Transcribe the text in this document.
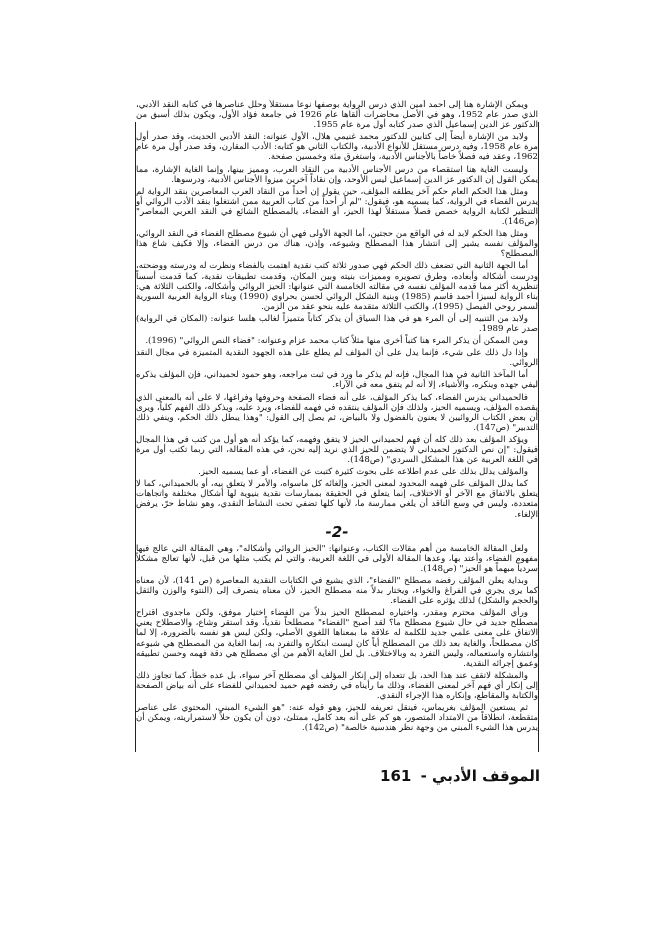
ويمكن الإشارة هنا إلى أحمد أمين الذي درس الرواية بوصفها نوعاً مستقلاً وحلل عناصرها في كتابه النقد الأدبي، الذي صدر عام 1952، وهو في الأصل محاضرات ألقاها عام 1926 في جامعة فؤاد الأول، ويكون بذلك أسبق من الدكتور عز الدين إسماعيل الذي صدر كتابه أول مرة عام 1955.

ولابد من الإشارة أيضاً إلى كتابين للدكتور محمد غنيمي هلال، الأول عنوانه: النقد الأدبي الحديث، وقد صدر أول مرة عام 1958، وفيه درس مستقل للأنواع الأدبية، والكتاب الثاني هو كتابه: الأدب المقارن، وقد صدر أول مرة عام 1962، وعقد فيه فصلاً خاصاً بالأجناس الأدبية، واستغرق مئة وخمسين صفحة.

وليست الغاية هنا استقصاء من درس الأجناس الأدبية من النقاد العرب، ومميز بينها، وإنما الغاية الإشارة، مما يمكن القول إن الدكتور عز الدين إسماعيل ليس الأوحد، وإن نقاداً آخرين ميزوا الأجناس الأدبية، ودرسوها.

ومثل هذا الحكم العام حكم آخر يطلقه المؤلف، حين يقول إن أحداً من النقاد العرب المعاصرين بنقد الرواية لم يدرس الفضاء في الرواية، كما يسميه هو، فيقول: "لم أر أحداً من كتاب العربية ممن اشتغلوا بنقد الأدب الروائي أو التنظير لكتابة الرواية خصص فصلاً مستقلاً لهذا الحيز، أو الفضاء، بالمصطلح الشائع في النقد العربي المعاصر" (ص146).

ومثل هذا الحكم لابد له في الواقع من حجتين، أما الجهة الأولى فهي أن شيوع مصطلح الفضاء في النقد الروائي، والمؤلف نفسه يشير إلى انتشار هذا المصطلح وشيوعه، وإذن، هناك من درس الفضاء، وإلا فكيف شاع هذا المصطلح؟

أما الجهة الثانية التي تضعف ذلك الحكم فهي صدور ثلاثة كتب نقدية اهتمت بالفضاء ونظرت له ودرسته ووضحته، ودرست أشكاله وأبعاده، وطرق تصويره ومميزات بنيته وبين المكان، وقدمت تطبيقات نقدية، كما قدمت أسساً تنظيرية أكثر مما قدمه المؤلف نفسه في مقالته الخامسة التي عنوانها: الحيز الروائي وأشكاله، والكتب الثلاثة هي: بناء الرواية لسيزا أحمد قاسم (1985) وبنية الشكل الروائي لحسن بحراوي (1990) وبناء الرواية العربية السورية لسمر روحي الفيصل (1995)، والكتب الثلاثة متقدمة عليه بنحو عقد من الزمن.

ولابد من التنبيه إلى أن المرء هو في هذا السياق أن يذكر كتاباً متميزاً لغالب هلسا عنوانه: (المكان في الرواية) صدر عام 1989.

ومن الممكن أن يذكر المرء هنا كتباً أخرى منها مثلاً كتاب محمد عزام وعنوانه: "فضاء النص الروائي" (1996).

وإذا دل ذلك على شيء، فإنما يدل على أن المؤلف لم يطلع على هذه الجهود النقدية المتميزة في مجال النقد الروائي.

أما المآخذ الثانية في هذا المجال، فإنه لم يذكر ما ورد في ثبت مراجعه، وهو حمود لحميداني، فإن المؤلف يذكره ليفي جهده وينكره، والأشياء، إلا أنه لم يتفق معه في الآراء.

فالحميداني يدرس الفضاء، كما يذكر المؤلف، على أنه فضاء الصفحة وحروفها وفراغها، لا على أنه بالمعنى الذي يقصده المؤلف، ويسميه الحيز، ولذلك فإن المؤلف ينتقده في فهمه للفضاء، ويرد عليه، ويذكر ذلك الفهم كلياً، ويرى أن بعض الكتاب الروائيين لا يعنون بالفضول ولا بالبياض، ثم يصل إلى القول: "وهذا يبطل ذلك الحكم، وينفي ذلك التدبير" (ص147).

ويؤكد المؤلف بعد ذلك كله أن فهم لحميداني الحيز لا يتفق وفهمه، كما يؤكد أنه هو أول من كتب في هذا المجال فيقول: "إن نص الدكتور لحميداني لا يتضمن للحيز الذي نريد إليه نحن، في هذه المقالة، التي ربما تكتب أول مرة في اللغة العربية عن هذا المشكل السردي" (ص148).

والمؤلف يدلل بذلك على عدم اطلاعه على بحوث كثيرة كتبت عن الفضاء، أو عما يسميه الحيز.

كما يدلل المؤلف على فهمه المحدود لمعنى الحيز، وإلغائه كل ماسواه، والأمر لا يتعلق بيه، أو بالحميداني، كما لا يتعلق بالاتفاق مع الآخر أو الاختلاف، إنما يتعلق في الحقيقة بممارسات نقدية بنيوية لها أشكال مختلفة واتجاهات متعددة، وليس في وسع الناقد أن يلغي ممارسة ما، لأنها كلها تضفي تحت النشاط النقدي، وهو نشاط حرّ، يرفض الإلغاء.

-2-

ولعل المقالة الخامسة من أهم مقالات الكتاب، وعنوانها: "الحيز الروائي وأشكاله"، وهي المقالة التي عالج فيها مفهوم الفضاء، وأعتد بها، وعدها المقالة الأولى في اللغة العربية، والتي لم يكتب مثلها من قبل، لأنها تعالج مشكلاً سردياً مبهماً هو الحيز" (ص148).

وبداية يعلن المؤلف رفضه مصطلح "الفضاء"، الذي يشيع في الكتابات النقدية المعاصرة (ص 141)، لأن معناه كما يرى يجري في الفراغ والخواء، ويختار بدلاً منه مصطلح الحيز، لأن معناه ينصرف إلى (النتوء والوزن والثقل والحجم والشكل) لذلك يؤثره على الفضاء.

ورأي المؤلف محترم ومقدر، واختياره لمصطلح الحيز بدلاً من الفضاء اختيار موفق، ولكن ماجدوى اقتراح مصطلح جديد في حال شيوع مصطلح ما؟ لقد أصبح "الفضاء" مصطلحاً نقدياً، وقد استقر وشاع، والاصطلاح يعني الاتفاق على معنى علمي جديد للكلمة له علاقة ما بمعناها اللغوي الأصلي، ولكن ليس هو نفسه بالضرورة، إلا لما كان مصطلحاً، والغاية بعد ذلك من المصطلح أياً كان ليست ابتكاره والتفرد به، إنما الغاية من المصطلح هي شيوعه وانتشاره واستعماله، وليس التفرد به وبالاختلاف. بل لعل الغاية الأهم من أي مصطلح هي دقة فهمه وحسن تطبيقه وعمق إجرائه النقدية.

والمشكلة لاتقف عند هذا الحد، بل تتعداه إلى إنكار المؤلف أي مصطلح آخر سواء، بل عده خطأ، كما تجاوز ذلك إلى إنكار أي فهم آخر لمعنى الفضاء، وذلك ما رأيناه في رفضه فهم حميد لحميداني للفضاء على أنه بياض الصفحة والكتابة والمقاطع، وإنكاره هذا الإجراء النقدي.

ثم يستعين المؤلف بغريماس، فينقل تعريفه للحيز، وهو قوله عنه: "هو الشيء المبني، المحتوي على عناصر متقطعة، انطلاقاً من الامتداد المتصور، هو كم على أنه بعد كامل، ممتلئ، دون أن يكون حلاً لاستمراريته، ويمكن أن يدرس هذا الشيء المبني من وجهة نظر هندسية خالصة" (ص142).

الموقف الأدبي - 161
